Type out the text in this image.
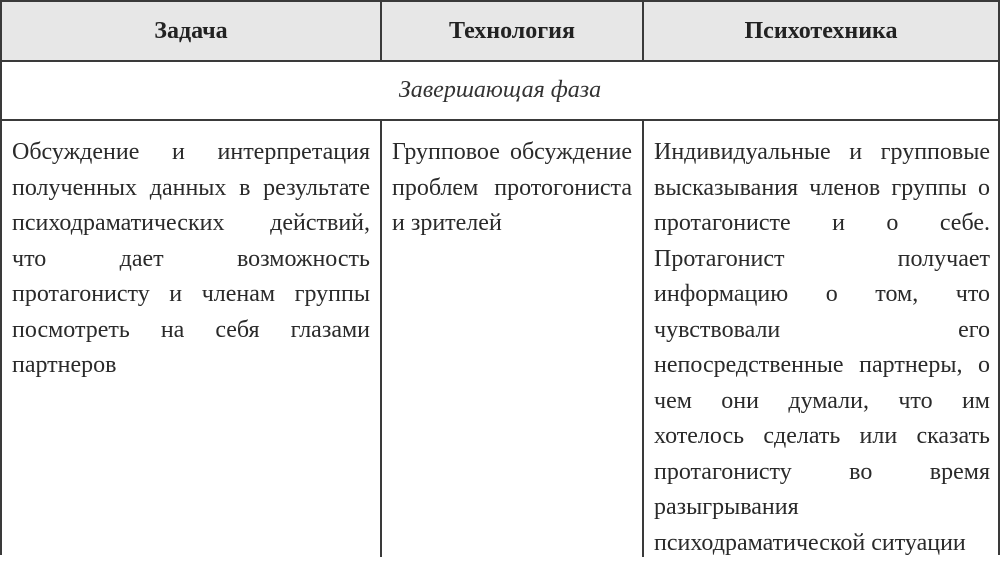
Задача	Технология	Психотехника
Завершающая фаза
Обсуждение и интерпретация полученных данных в результате психодраматических действий, что дает возможность протагонисту и членам группы посмотреть на себя глазами партнеров
Групповое обсуждение проблем протогониста и зрителей
Индивидуальные и групповые высказывания членов группы о протагонисте и о себе. Протагонист получает информацию о том, что чувствовали его непосредственные партнеры, о чем они думали, что им хотелось сделать или сказать протагонисту во время разыгрывания психодраматической ситуации
